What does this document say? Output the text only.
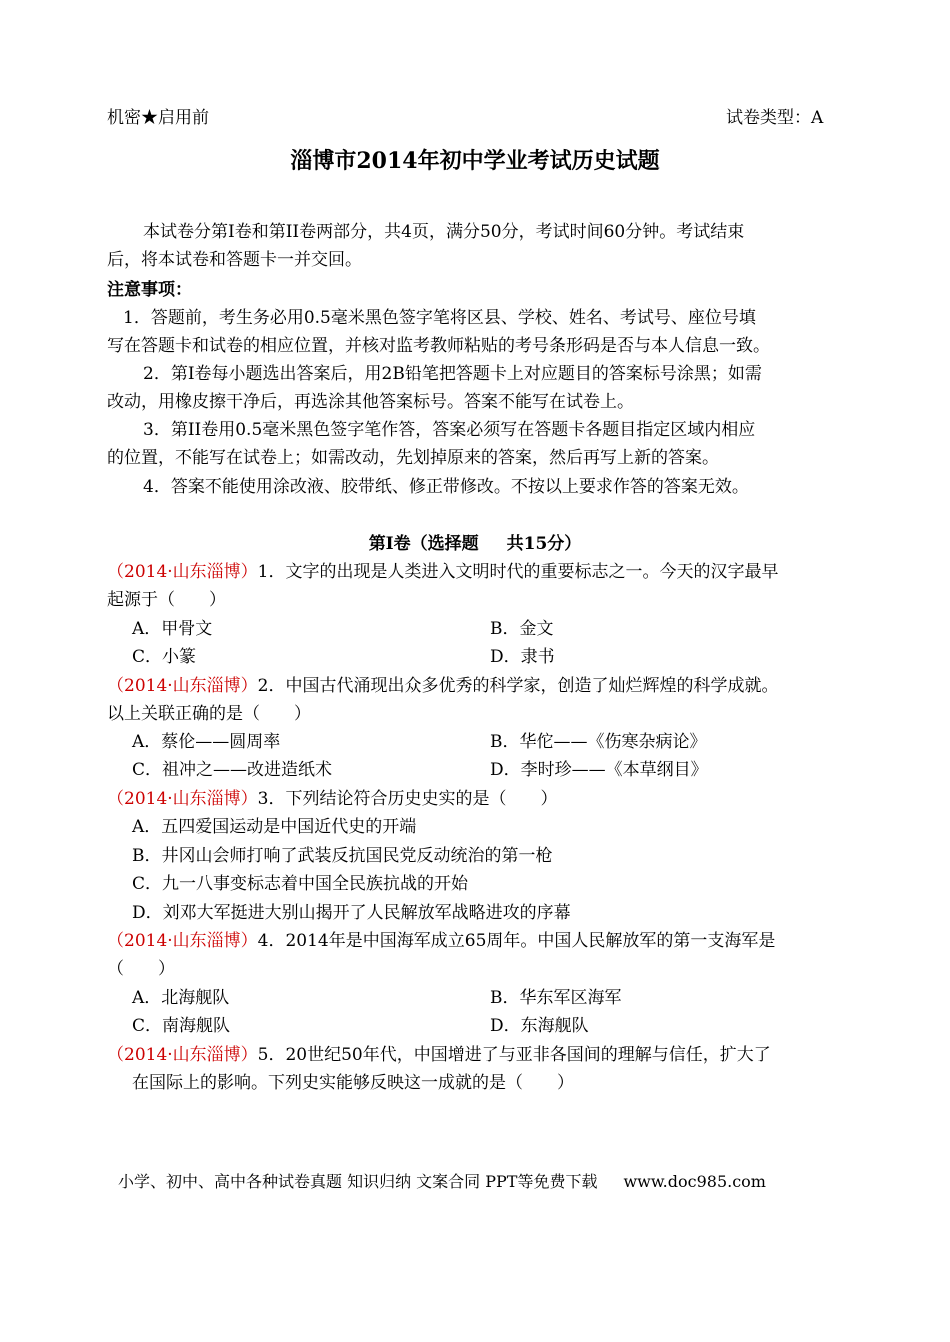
机密★启用前	试卷类型：A
淄博市2014年初中学业考试历史试题
本试卷分第I卷和第II卷两部分，共4页，满分50分，考试时间60分钟。考试结束
后，将本试卷和答题卡一并交回。
注意事项：
1．答题前，考生务必用0.5毫米黑色签字笔将区县、学校、姓名、考试号、座位号填
写在答题卡和试卷的相应位置，并核对监考教师粘贴的考号条形码是否与本人信息一致。
2．第I卷每小题选出答案后，用2B铅笔把答题卡上对应题目的答案标号涂黑；如需
改动，用橡皮擦干净后，再选涂其他答案标号。答案不能写在试卷上。
3．第II卷用0.5毫米黑色签字笔作答，答案必须写在答题卡各题目指定区域内相应
的位置，不能写在试卷上；如需改动，先划掉原来的答案，然后再写上新的答案。
4．答案不能使用涂改液、胶带纸、修正带修改。不按以上要求作答的答案无效。
第I卷（选择题 共15分）
（2014·山东淄博）1．文字的出现是人类进入文明时代的重要标志之一。今天的汉字最早
起源于（　　）
A．甲骨文	B．金文
C．小篆	D．隶书
（2014·山东淄博）2．中国古代涌现出众多优秀的科学家，创造了灿烂辉煌的科学成就。
以上关联正确的是（　　）
A．蔡伦——圆周率	B．华佗——《伤寒杂病论》
C．祖冲之——改进造纸术	D．李时珍——《本草纲目》
（2014·山东淄博）3．下列结论符合历史史实的是（　　）
A．五四爱国运动是中国近代史的开端
B．井冈山会师打响了武装反抗国民党反动统治的第一枪
C．九一八事变标志着中国全民族抗战的开始
D．刘邓大军挺进大别山揭开了人民解放军战略进攻的序幕
（2014·山东淄博）4．2014年是中国海军成立65周年。中国人民解放军的第一支海军是
（　　）
A．北海舰队	B．华东军区海军
C．南海舰队	D．东海舰队
（2014·山东淄博）5．20世纪50年代，中国增进了与亚非各国间的理解与信任，扩大了
在国际上的影响。下列史实能够反映这一成就的是（　　）
小学、初中、高中各种试卷真题 知识归纳 文案合同 PPT等免费下载 www.doc985.com
